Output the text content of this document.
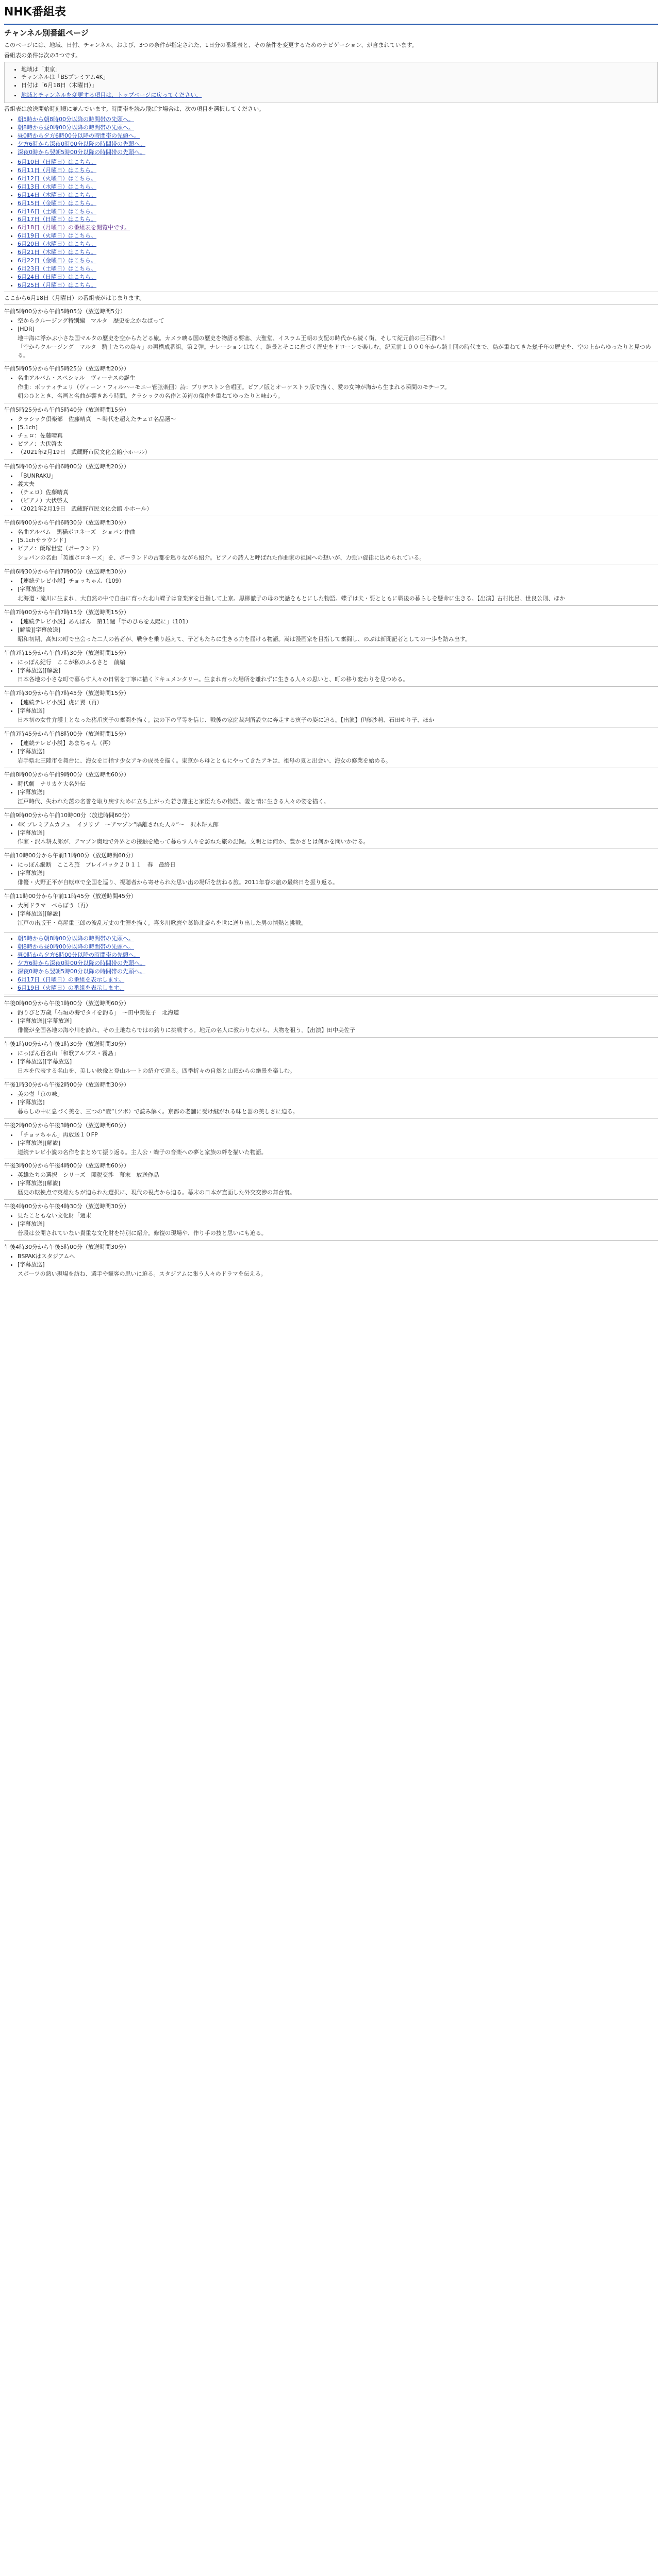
NHK番組表
チャンネル別番組ページ

このページには、地域、日付、チャンネル、および、3つの条件が指定された、1日分の番組表と、その条件を変更するためのナビゲーション、が含まれています。

番組表の条件は次の3つです。

• 地域は「東京」
• チャンネルは「BSプレミアム4K」
• 日付は「6月18日（木曜日）」
• 地域とチャンネルを変更する項目は、トップページに戻ってください。

番組表は放送開始時刻順に並んでいます。時間帯を読み飛ばす場合は、次の項目を選択してください。

• 朝5時から朝8時00分以降の時間帯の先頭へ。
• 朝8時から昼0時00分以降の時間帯の先頭へ。
• 昼0時から夕方6時00分以降の時間帯の先頭へ。
• 夕方6時から深夜0時00分以降の時間帯の先頭へ。
• 深夜0時から翌朝5時00分以降の時間帯の先頭へ。
• 6月10日（日曜日）はこちら。
• 6月11日（月曜日）はこちら。
• 6月12日（火曜日）はこちら。
• 6月13日（水曜日）はこちら。
• 6月14日（木曜日）はこちら。
• 6月15日（金曜日）はこちら。
• 6月16日（土曜日）はこちら。
• 6月17日（日曜日）はこちら。
• 6月18日（月曜日）の番組表を閲覧中です。
• 6月19日（火曜日）はこちら。
• 6月20日（水曜日）はこちら。
• 6月21日（木曜日）はこちら。
• 6月22日（金曜日）はこちら。
• 6月23日（土曜日）はこちら。
• 6月24日（日曜日）はこちら。
• 6月25日（月曜日）はこちら。

ここから6月18日（月曜日）の番組表がはじまります。

午前5時00分から午前5時05分（放送時間5分）
• 空からクルージング特別編　マルタ　歴史を之かなばって
• [HDR]

地中海に浮かぶ小さな国マルタの歴史を空からたどる旅。カメラ映る国の歴史を物語る要塞、大聖堂、イスラム王朝の支配の時代から続く街、そして紀元前の巨石群へ！

「空からクルージング　マルタ　騎士たちの島々」の再構成番組。第２弾。ナレーションはなく、絶景とそこに息づく歴史をドローンで楽しむ。紀元前１０００年から騎士団の時代まで、島が重ねてきた幾千年の歴史を、空の上からゆったりと見つめる。

午前5時05分から午前5時25分（放送時間20分）
• 名曲アルバム・スペシャル　ヴィーナスの誕生

作曲：ボッティチェリ（ヴィーン・フィルハーモニー管弦楽団）詩：ブリヂストン合唱団。ピアノ版とオーケストラ版で描く、愛の女神が海から生まれる瞬間のモチーフ。

朝のひととき、名画と名曲が響きあう時間。クラシックの名作と美術の傑作を重ねてゆったりと味わう。

午前5時25分から午前5時40分（放送時間15分）
• クラシック倶楽部　佐藤晴真　〜時代を超えたチェロ名品選〜
• [5.1ch]
• チェロ：佐藤晴真
• ピアノ：大伏啓太
• （2021年2月19日　武蔵野市民文化会館小ホール）
午前5時40分から午前6時00分（放送時間20分）
• 「BUNRAKU」
• 義太夫
• （チェロ）佐藤晴真
• （ピアノ）大伏啓太
• （2021年2月19日　武蔵野市民文化会館 小ホール）
午前6時00分から午前6時30分（放送時間30分）
• 名曲アルバム　黒猫ポロネーズ　ショパン作曲
• [5.1chサラウンド]
• ピアノ：飯塚世宏（ポーランド）

ショパンの名曲「英雄ポロネーズ」を、ポーランドの古都を巡りながら紹介。ピアノの詩人と呼ばれた作曲家の祖国への想いが、力強い旋律に込められている。

午前6時30分から午前7時00分（放送時間30分）
• 【連続テレビ小説】チョッちゃん（109）
• [字幕放送]

北海道・滝川に生まれ、大自然の中で自由に育った北山蝶子は音楽家を目指して上京。黒柳徹子の母の実話をもとにした物語。蝶子は夫・要とともに戦後の暮らしを懸命に生きる。【出演】古村比呂、世良公則、ほか

午前7時00分から午前7時15分（放送時間15分）
• 【連続テレビ小説】あんぱん　第11週「手のひらを太陽に」（101）
• [解説][字幕放送]

昭和初期、高知の町で出会った二人の若者が、戦争を乗り越えて、子どもたちに生きる力を届ける物語。嵩は漫画家を目指して奮闘し、のぶは新聞記者としての一歩を踏み出す。

午前7時15分から午前7時30分（放送時間15分）
• にっぽん紀行　ここが私のふるさと　前編
• [字幕放送][解説]

日本各地の小さな町で暮らす人々の日常を丁寧に描くドキュメンタリー。生まれ育った場所を離れずに生きる人々の思いと、町の移り変わりを見つめる。

午前7時30分から午前7時45分（放送時間15分）
• 【連続テレビ小説】虎に翼（再）
• [字幕放送]

日本初の女性弁護士となった猪爪寅子の奮闘を描く。法の下の平等を信じ、戦後の家庭裁判所設立に奔走する寅子の姿に迫る。【出演】伊藤沙莉、石田ゆり子、ほか

午前7時45分から午前8時00分（放送時間15分）
• 【連続テレビ小説】あまちゃん（再）
• [字幕放送]

岩手県北三陸市を舞台に、海女を目指す少女アキの成長を描く。東京から母とともにやってきたアキは、祖母の夏と出会い、海女の修業を始める。

午前8時00分から午前9時00分（放送時間60分）
• 時代劇　ナリカケ大名外伝
• [字幕放送]

江戸時代、失われた藩の名誉を取り戻すために立ち上がった若き藩主と家臣たちの物語。義と情に生きる人々の姿を描く。

午前9時00分から午前10時00分（放送時間60分）
• 4K プレミアムカフェ　イソリゾ　〜アマゾン“隔離された人々”〜　沢木耕太郎
• [字幕放送]

作家・沢木耕太郎が、アマゾン奥地で外界との接触を絶って暮らす人々を訪ねた旅の記録。文明とは何か、豊かさとは何かを問いかける。

午前10時00分から午前11時00分（放送時間60分）
• にっぽん縦断　こころ旅　プレイバック２０１１　春　最終日
• [字幕放送]

俳優・火野正平が自転車で全国を巡り、視聴者から寄せられた思い出の場所を訪ねる旅。2011年春の旅の最終日を振り返る。

午前11時00分から午前11時45分（放送時間45分）
• 大河ドラマ　べらぼう（再）
• [字幕放送][解説]

江戸の出版王・蔦屋重三郎の波乱万丈の生涯を描く。喜多川歌麿や葛飾北斎らを世に送り出した男の情熱と挑戦。

• 朝5時から朝8時00分以降の時間帯の先頭へ。
• 朝8時から昼0時00分以降の時間帯の先頭へ。
• 昼0時から夕方6時00分以降の時間帯の先頭へ。
• 夕方6時から深夜0時00分以降の時間帯の先頭へ。
• 深夜0時から翌朝5時00分以降の時間帯の先頭へ。
• 6月17日（日曜日）の番組を表示します。
• 6月19日（火曜日）の番組を表示します。
午後0時00分から午後1時00分（放送時間60分）
• 釣りびと万歳「石垣の海でタイを釣る」　〜田中美佐子　北海道
• [字幕放送][字幕放送]

俳優が全国各地の海や川を訪れ、その土地ならではの釣りに挑戦する。地元の名人に教わりながら、大物を狙う。【出演】田中美佐子

午後1時00分から午後1時30分（放送時間30分）
• にっぽん百名山「和歌アルプス・霧島」
• [字幕放送][字幕放送]

日本を代表する名山を、美しい映像と登山ルートの紹介で巡る。四季折々の自然と山頂からの絶景を楽しむ。

午後1時30分から午後2時00分（放送時間30分）
• 美の壺「京の味」
• [字幕放送]

暮らしの中に息づく美を、三つの“壺”（ツボ）で読み解く。京都の老舗に受け継がれる味と器の美しさに迫る。

午後2時00分から午後3時00分（放送時間60分）
• 「チョッちゃん」再放送１０FP
• [字幕放送][解説]

連続テレビ小説の名作をまとめて振り返る。主人公・蝶子の音楽への夢と家族の絆を描いた物語。

午後3時00分から午後4時00分（放送時間60分）
• 英雄たちの選択　シリーズ　関税交渉　幕末　放送作品
• [字幕放送][解説]

歴史の転換点で英雄たちが迫られた選択に、現代の視点から迫る。幕末の日本が直面した外交交渉の舞台裏。

午後4時00分から午後4時30分（放送時間30分）
• 見たこともない文化財「週末
• [字幕放送]

普段は公開されていない貴重な文化財を特別に紹介。修復の現場や、作り手の技と思いにも迫る。

午後4時30分から午後5時00分（放送時間30分）
• BSPAKはスタジアムへ
• [字幕放送]

スポーツの熱い現場を訪ね、選手や観客の思いに迫る。スタジアムに集う人々のドラマを伝える。
